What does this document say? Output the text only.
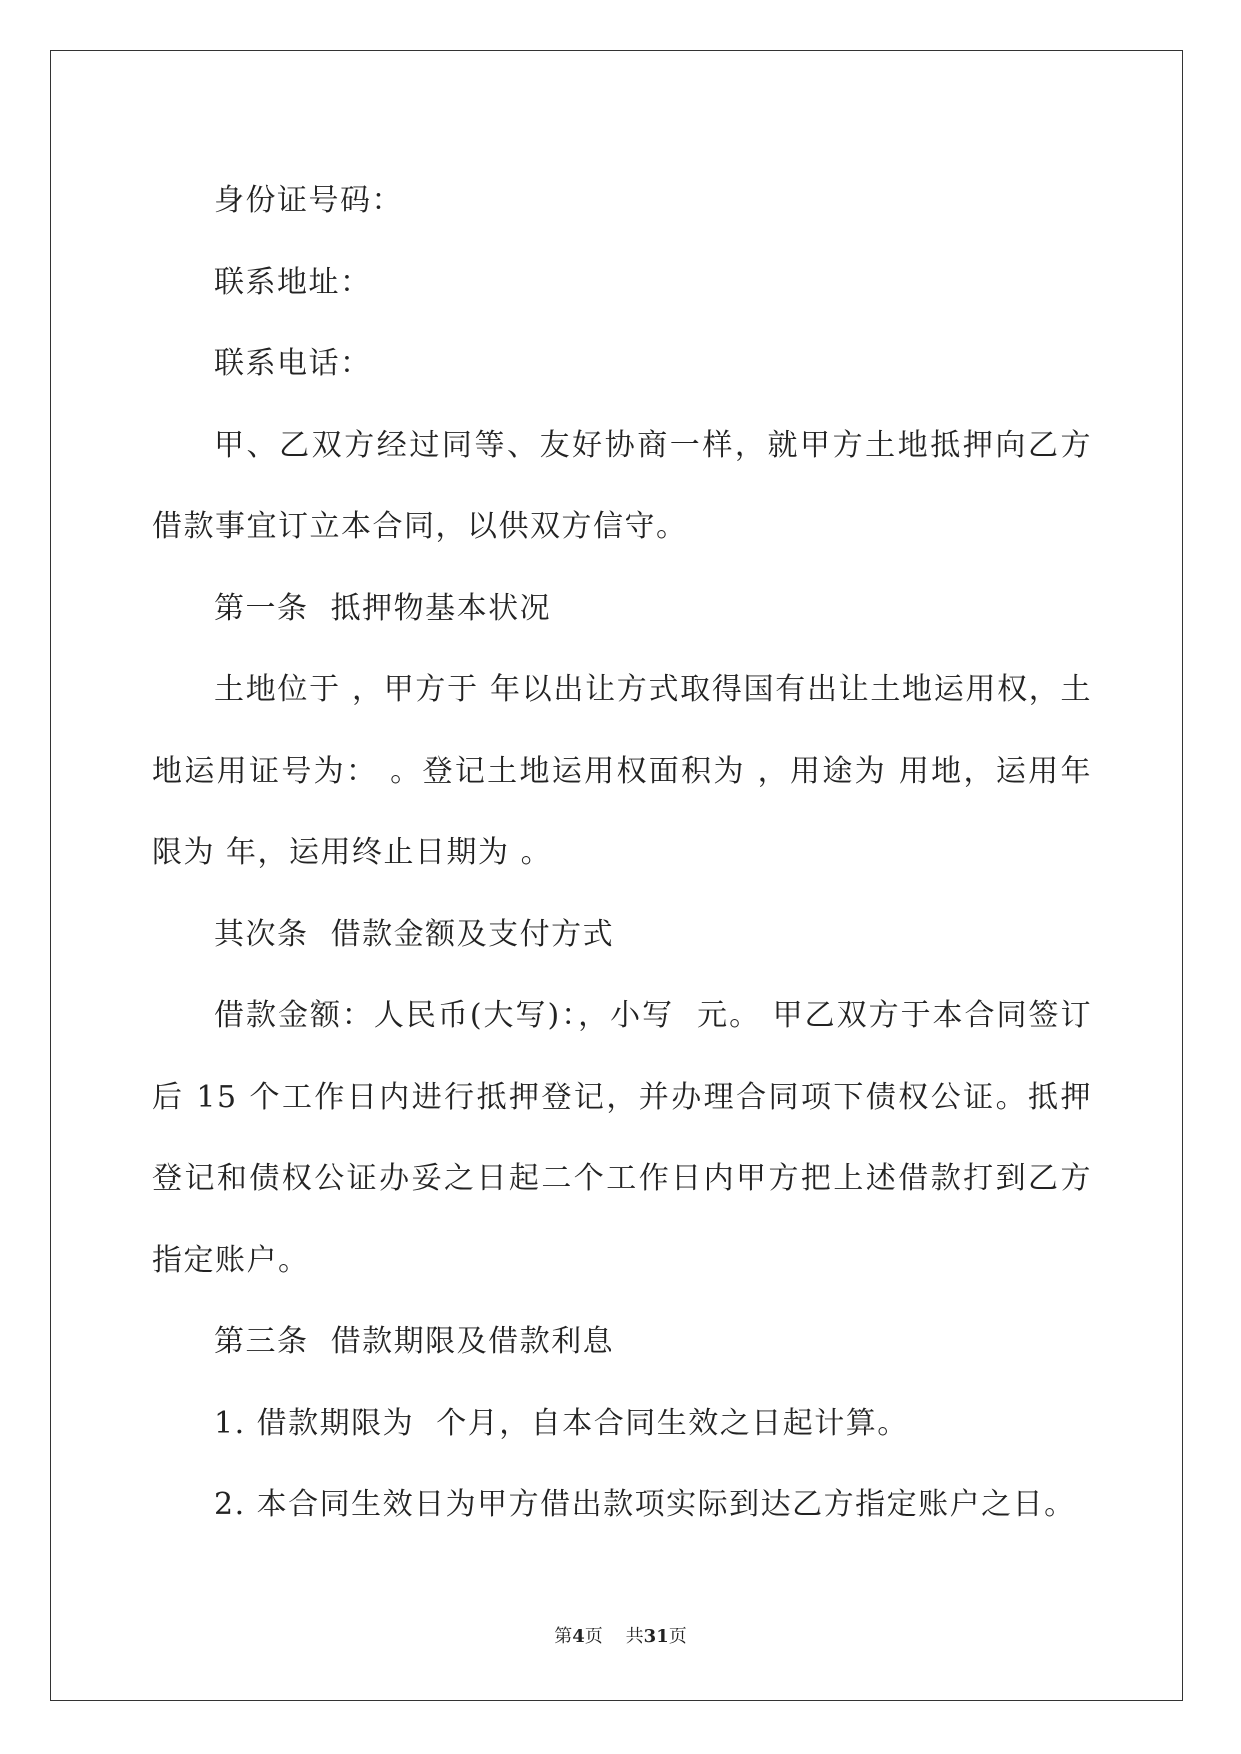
身份证号码：

联系地址：

联系电话：

甲、乙双方经过同等、友好协商一样，就甲方土地抵押向乙方借款事宜订立本合同，以供双方信守。

第一条  抵押物基本状况

土地位于 ，甲方于 年以出让方式取得国有出让土地运用权，土地运用证号为： 。登记土地运用权面积为 ，用途为 用地，运用年限为 年，运用终止日期为 。

其次条  借款金额及支付方式

借款金额：人民币(大写)：，小写  元。 甲乙双方于本合同签订后 15 个工作日内进行抵押登记，并办理合同项下债权公证。抵押登记和债权公证办妥之日起二个工作日内甲方把上述借款打到乙方指定账户。

第三条  借款期限及借款利息

1. 借款期限为  个月，自本合同生效之日起计算。

2. 本合同生效日为甲方借出款项实际到达乙方指定账户之日。

第4页 共31页
